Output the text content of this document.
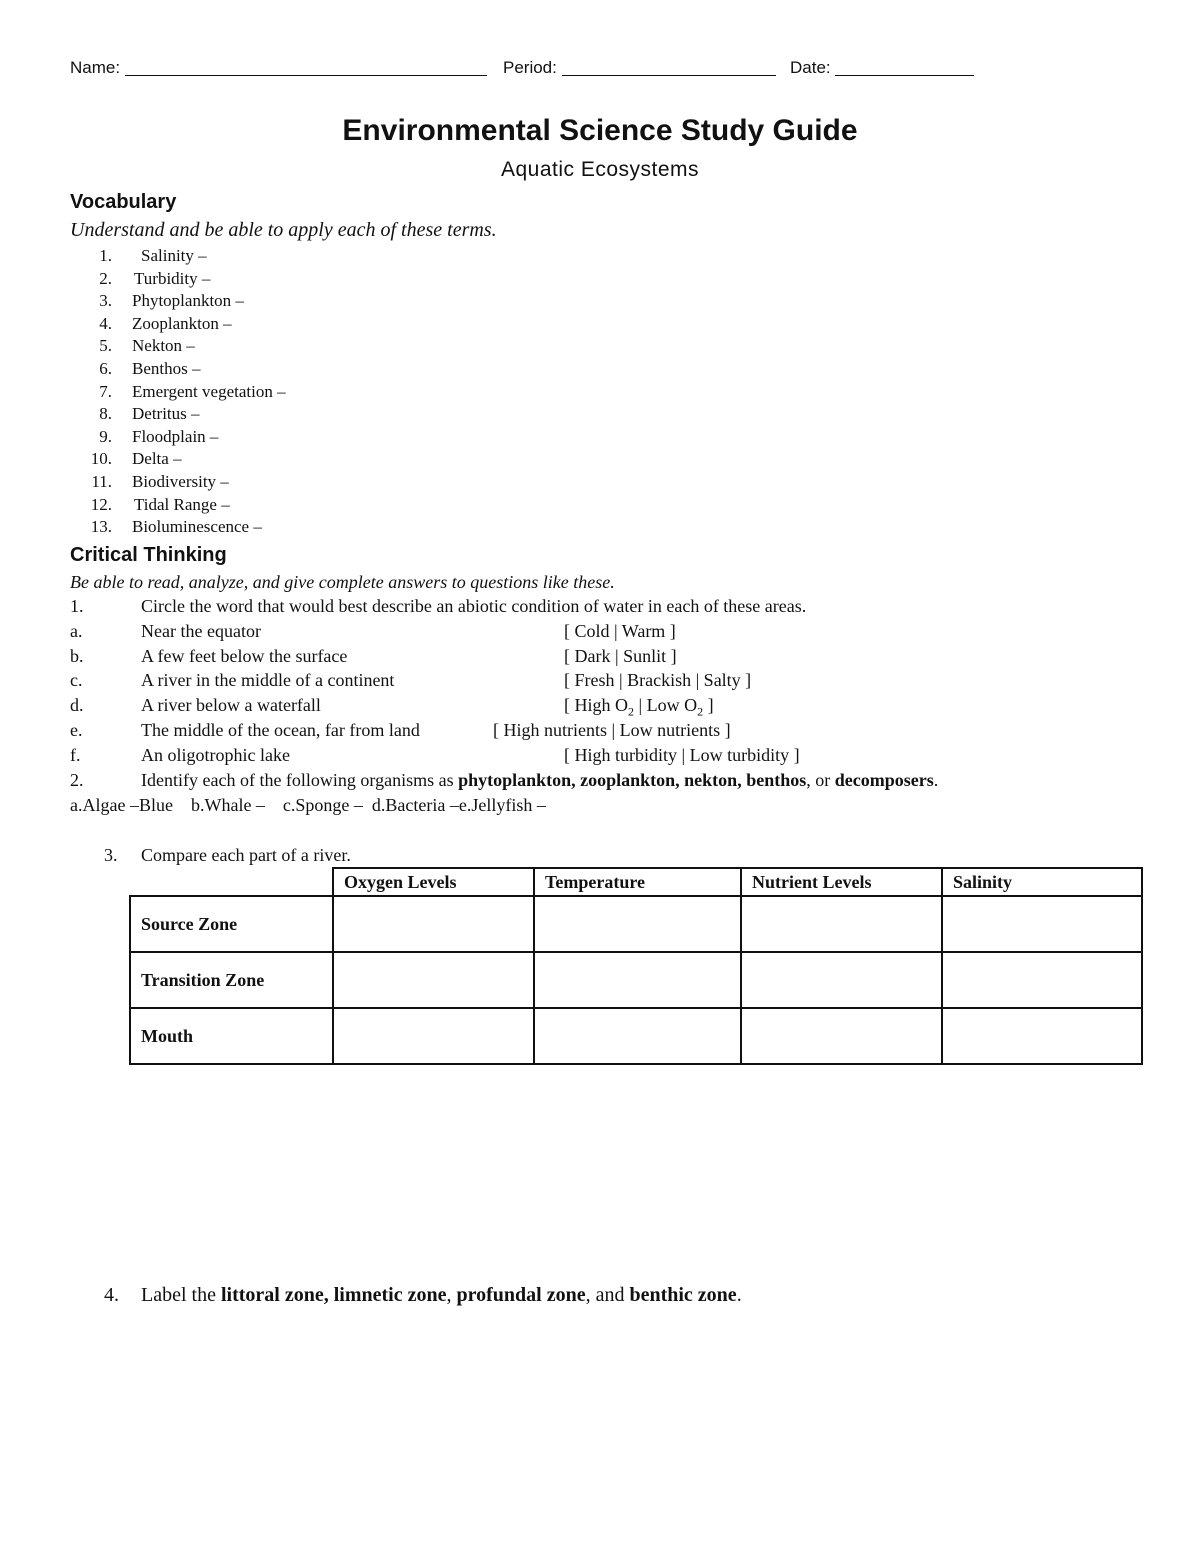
Name:	Period:	Date:
Environmental Science Study Guide
Aquatic Ecosystems
Vocabulary
Understand and be able to apply each of these terms.
1. Salinity –
2. Turbidity –
3. Phytoplankton –
4. Zooplankton –
5. Nekton –
6. Benthos –
7. Emergent vegetation –
8. Detritus –
9. Floodplain –
10. Delta –
11. Biodiversity –
12. Tidal Range –
13. Bioluminescence –
Critical Thinking
Be able to read, analyze, and give complete answers to questions like these.
1.	Circle the word that would best describe an abiotic condition of water in each of these areas.
a.	Near the equator	[ Cold | Warm ]
b.	A few feet below the surface	[ Dark | Sunlit ]
c.	A river in the middle of a continent	[ Fresh | Brackish | Salty ]
d.	A river below a waterfall	[ High $O_2$ | Low $O_2$ ]
e.	The middle of the ocean, far from land	[ High nutrients | Low nutrients ]
f.	An oligotrophic lake	[ High turbidity | Low turbidity ]
2.	Identify each of the following organisms as phytoplankton, zooplankton, nekton, benthos, or decomposers.
a.Algae –Blue    b.Whale –    c.Sponge –  d.Bacteria –e.Jellyfish –
3. Compare each part of a river.
	Oxygen Levels	Temperature	Nutrient Levels	Salinity
Source Zone				
Transition Zone				
Mouth				
4. Label the littoral zone, limnetic zone, profundal zone, and benthic zone.
